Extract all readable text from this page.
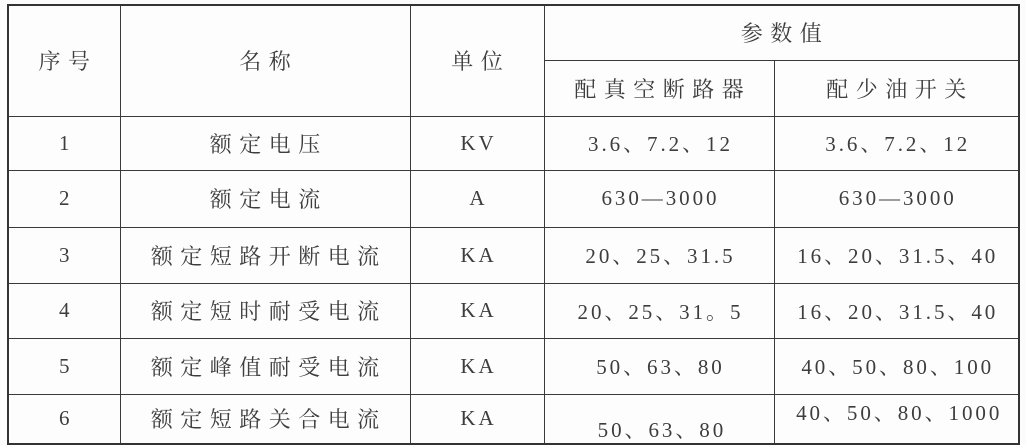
序号	名称	单位	参数值	
			配真空断路器	配少油开关
1	额定电压	KV	3.6、7.2、12	3.6、7.2、12
2	额定电流	A	630—3000	630—3000
3	额定短路开断电流	KA	20、25、31.5	16、20、31.5、40
4	额定短时耐受电流	KA	20、25、31。5	16、20、31.5、40
5	额定峰值耐受电流	KA	50、63、80	40、50、80、100
6	额定短路关合电流	KA	50、63、80	40、50、80、1000
